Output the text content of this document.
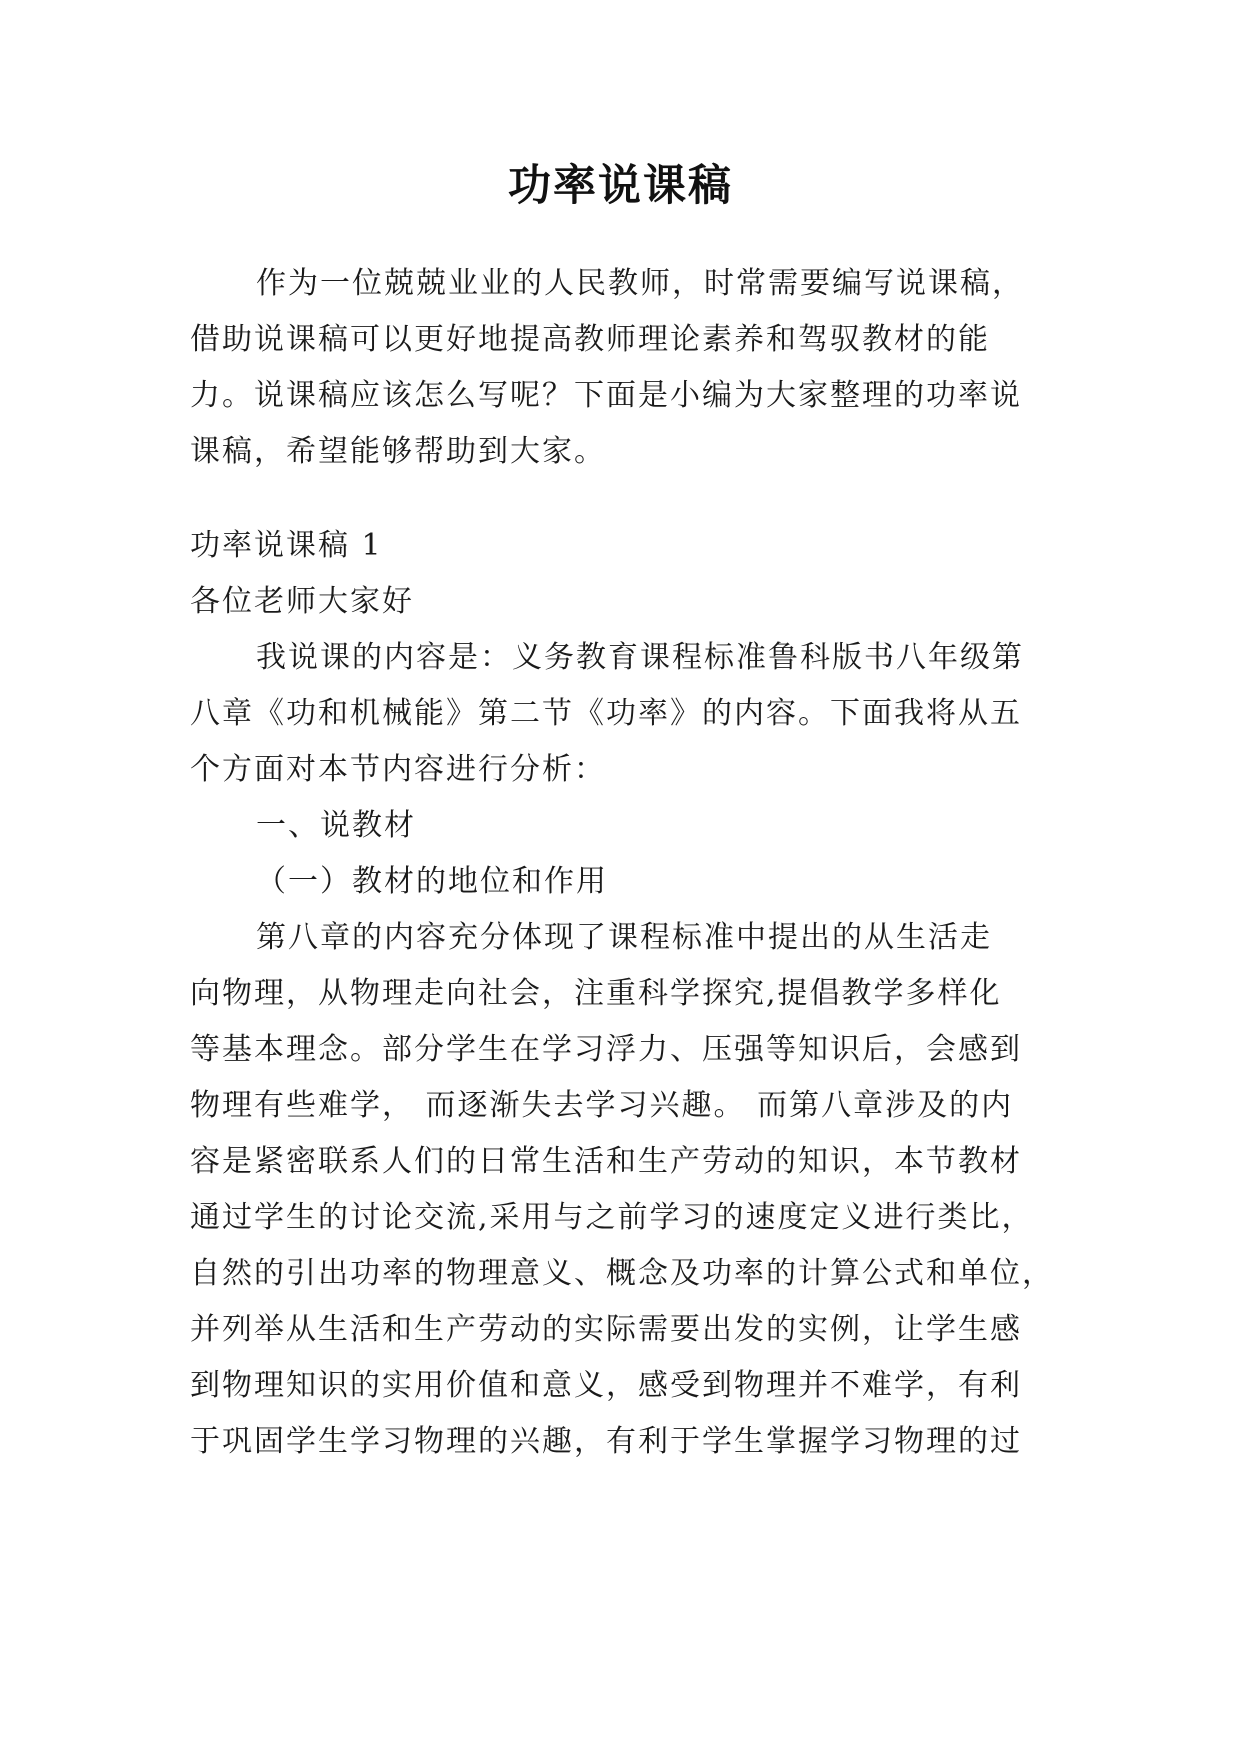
功率说课稿
作为一位兢兢业业的人民教师，时常需要编写说课稿，
借助说课稿可以更好地提高教师理论素养和驾驭教材的能
力。说课稿应该怎么写呢？下面是小编为大家整理的功率说
课稿，希望能够帮助到大家。
功率说课稿 1
各位老师大家好
我说课的内容是：义务教育课程标准鲁科版书八年级第
八章《功和机械能》第二节《功率》的内容。下面我将从五
个方面对本节内容进行分析：
一、说教材
（一）教材的地位和作用
第八章的内容充分体现了课程标准中提出的从生活走
向物理，从物理走向社会，注重科学探究,提倡教学多样化
等基本理念。部分学生在学习浮力、压强等知识后，会感到
物理有些难学， 而逐渐失去学习兴趣。 而第八章涉及的内
容是紧密联系人们的日常生活和生产劳动的知识，本节教材
通过学生的讨论交流,采用与之前学习的速度定义进行类比，
自然的引出功率的物理意义、概念及功率的计算公式和单位，
并列举从生活和生产劳动的实际需要出发的实例，让学生感
到物理知识的实用价值和意义，感受到物理并不难学，有利
于巩固学生学习物理的兴趣，有利于学生掌握学习物理的过
